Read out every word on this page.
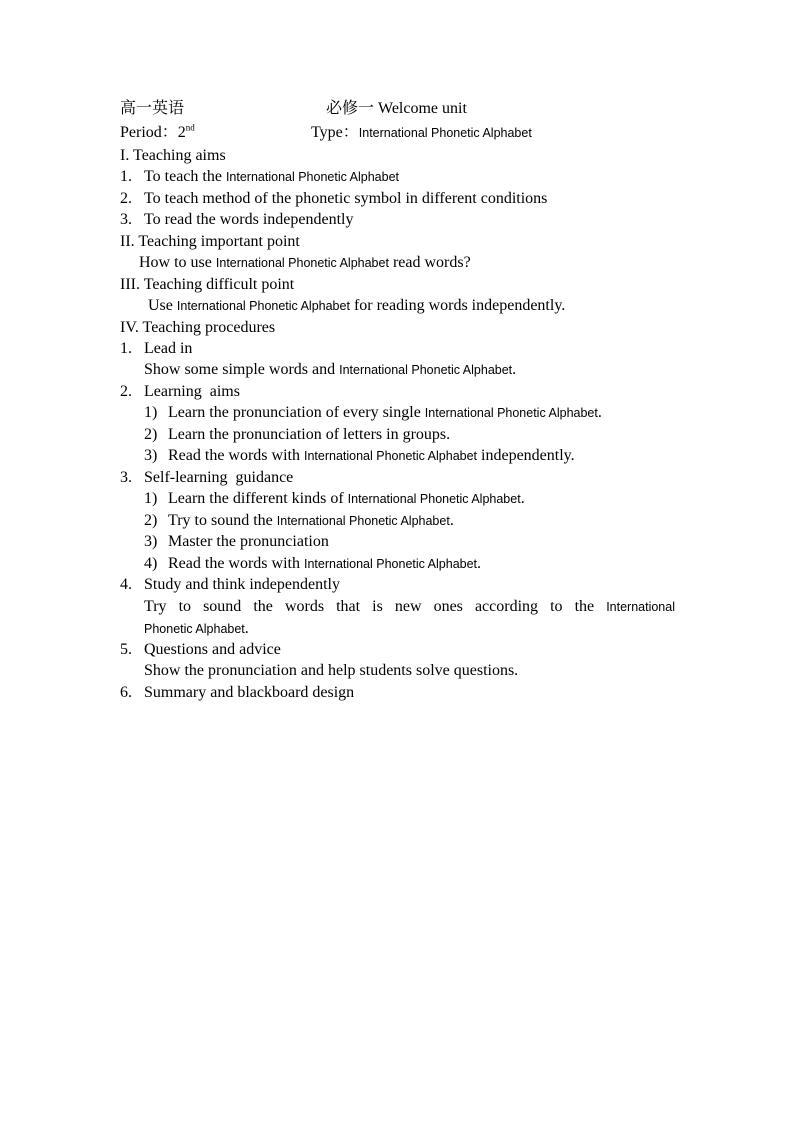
高一英语	必修一 Welcome unit
Period：2nd	Type：International Phonetic Alphabet
I. Teaching aims
1. To teach the International Phonetic Alphabet
2. To teach method of the phonetic symbol in different conditions
3. To read the words independently
II. Teaching important point
How to use International Phonetic Alphabet read words?
III. Teaching difficult point
Use International Phonetic Alphabet for reading words independently.
IV. Teaching procedures
1. Lead in
Show some simple words and International Phonetic Alphabet.
2. Learning  aims
1) Learn the pronunciation of every single International Phonetic Alphabet.
2) Learn the pronunciation of letters in groups.
3) Read the words with International Phonetic Alphabet independently.
3. Self-learning  guidance
1) Learn the different kinds of International Phonetic Alphabet.
2) Try to sound the International Phonetic Alphabet.
3) Master the pronunciation
4) Read the words with International Phonetic Alphabet.
4. Study and think independently
Try to sound the words that is new ones according to the International
Phonetic Alphabet.
5. Questions and advice
Show the pronunciation and help students solve questions.
6. Summary and blackboard design
